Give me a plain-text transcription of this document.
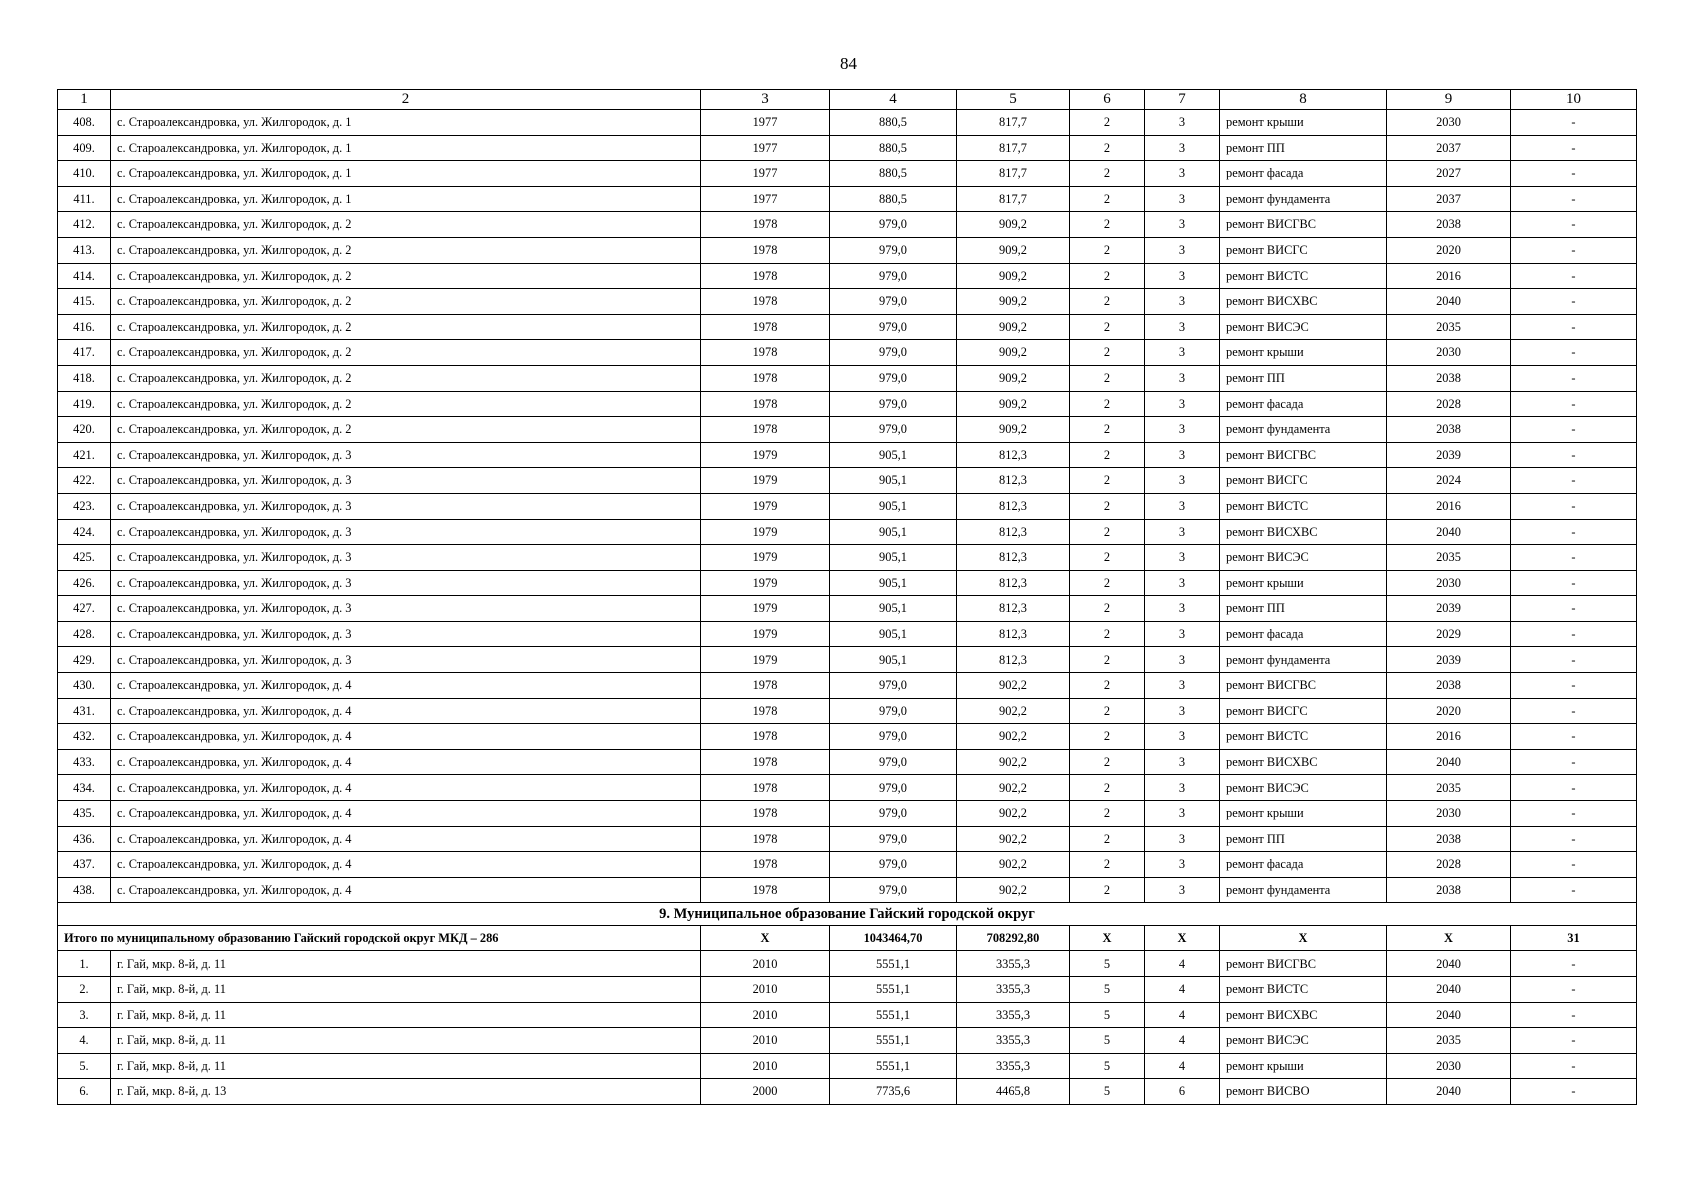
84
1	2	3	4	5	6	7	8	9	10
408.	с. Староалександровка, ул. Жилгородок, д. 1	1977	880,5	817,7	2	3	ремонт крыши	2030	-
409.	с. Староалександровка, ул. Жилгородок, д. 1	1977	880,5	817,7	2	3	ремонт ПП	2037	-
410.	с. Староалександровка, ул. Жилгородок, д. 1	1977	880,5	817,7	2	3	ремонт фасада	2027	-
411.	с. Староалександровка, ул. Жилгородок, д. 1	1977	880,5	817,7	2	3	ремонт фундамента	2037	-
412.	с. Староалександровка, ул. Жилгородок, д. 2	1978	979,0	909,2	2	3	ремонт ВИСГВС	2038	-
413.	с. Староалександровка, ул. Жилгородок, д. 2	1978	979,0	909,2	2	3	ремонт ВИСГС	2020	-
414.	с. Староалександровка, ул. Жилгородок, д. 2	1978	979,0	909,2	2	3	ремонт ВИСТС	2016	-
415.	с. Староалександровка, ул. Жилгородок, д. 2	1978	979,0	909,2	2	3	ремонт ВИСХВС	2040	-
416.	с. Староалександровка, ул. Жилгородок, д. 2	1978	979,0	909,2	2	3	ремонт ВИСЭС	2035	-
417.	с. Староалександровка, ул. Жилгородок, д. 2	1978	979,0	909,2	2	3	ремонт крыши	2030	-
418.	с. Староалександровка, ул. Жилгородок, д. 2	1978	979,0	909,2	2	3	ремонт ПП	2038	-
419.	с. Староалександровка, ул. Жилгородок, д. 2	1978	979,0	909,2	2	3	ремонт фасада	2028	-
420.	с. Староалександровка, ул. Жилгородок, д. 2	1978	979,0	909,2	2	3	ремонт фундамента	2038	-
421.	с. Староалександровка, ул. Жилгородок, д. 3	1979	905,1	812,3	2	3	ремонт ВИСГВС	2039	-
422.	с. Староалександровка, ул. Жилгородок, д. 3	1979	905,1	812,3	2	3	ремонт ВИСГС	2024	-
423.	с. Староалександровка, ул. Жилгородок, д. 3	1979	905,1	812,3	2	3	ремонт ВИСТС	2016	-
424.	с. Староалександровка, ул. Жилгородок, д. 3	1979	905,1	812,3	2	3	ремонт ВИСХВС	2040	-
425.	с. Староалександровка, ул. Жилгородок, д. 3	1979	905,1	812,3	2	3	ремонт ВИСЭС	2035	-
426.	с. Староалександровка, ул. Жилгородок, д. 3	1979	905,1	812,3	2	3	ремонт крыши	2030	-
427.	с. Староалександровка, ул. Жилгородок, д. 3	1979	905,1	812,3	2	3	ремонт ПП	2039	-
428.	с. Староалександровка, ул. Жилгородок, д. 3	1979	905,1	812,3	2	3	ремонт фасада	2029	-
429.	с. Староалександровка, ул. Жилгородок, д. 3	1979	905,1	812,3	2	3	ремонт фундамента	2039	-
430.	с. Староалександровка, ул. Жилгородок, д. 4	1978	979,0	902,2	2	3	ремонт ВИСГВС	2038	-
431.	с. Староалександровка, ул. Жилгородок, д. 4	1978	979,0	902,2	2	3	ремонт ВИСГС	2020	-
432.	с. Староалександровка, ул. Жилгородок, д. 4	1978	979,0	902,2	2	3	ремонт ВИСТС	2016	-
433.	с. Староалександровка, ул. Жилгородок, д. 4	1978	979,0	902,2	2	3	ремонт ВИСХВС	2040	-
434.	с. Староалександровка, ул. Жилгородок, д. 4	1978	979,0	902,2	2	3	ремонт ВИСЭС	2035	-
435.	с. Староалександровка, ул. Жилгородок, д. 4	1978	979,0	902,2	2	3	ремонт крыши	2030	-
436.	с. Староалександровка, ул. Жилгородок, д. 4	1978	979,0	902,2	2	3	ремонт ПП	2038	-
437.	с. Староалександровка, ул. Жилгородок, д. 4	1978	979,0	902,2	2	3	ремонт фасада	2028	-
438.	с. Староалександровка, ул. Жилгородок, д. 4	1978	979,0	902,2	2	3	ремонт фундамента	2038	-
9. Муниципальное образование Гайский городской округ									
Итого по муниципальному образованию Гайский городской округ МКД – 286		X	1043464,70	708292,80	X	X	X	X	31
1.	г. Гай, мкр. 8-й, д. 11	2010	5551,1	3355,3	5	4	ремонт ВИСГВС	2040	-
2.	г. Гай, мкр. 8-й, д. 11	2010	5551,1	3355,3	5	4	ремонт ВИСТС	2040	-
3.	г. Гай, мкр. 8-й, д. 11	2010	5551,1	3355,3	5	4	ремонт ВИСХВС	2040	-
4.	г. Гай, мкр. 8-й, д. 11	2010	5551,1	3355,3	5	4	ремонт ВИСЭС	2035	-
5.	г. Гай, мкр. 8-й, д. 11	2010	5551,1	3355,3	5	4	ремонт крыши	2030	-
6.	г. Гай, мкр. 8-й, д. 13	2000	7735,6	4465,8	5	6	ремонт ВИСВО	2040	-
